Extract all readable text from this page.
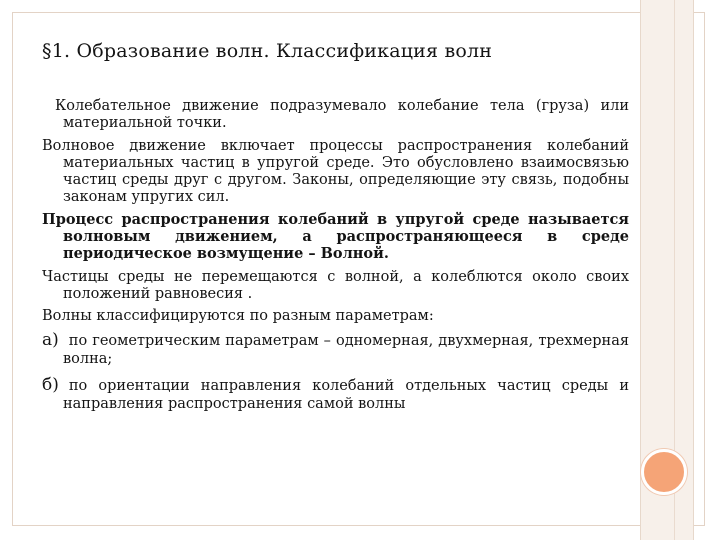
§1. Образование волн. Классификация волн

Колебательное движение подразумевало колебание тела (груза) или материальной точки.

Волновое движение включает процессы распространения колебаний материальных частиц в упругой среде. Это обусловлено взаимосвязью частиц среды друг с другом. Законы, определяющие эту связь, подобны законам упругих сил.

Процесс распространения колебаний в упругой среде называется волновым движением, а распространяющееся в среде периодическое возмущение – Волной.

Частицы среды не перемещаются с волной, а колеблются около своих положений равновесия .

Волны классифицируются по разным параметрам:

а) по геометрическим параметрам – одномерная, двухмерная, трехмерная волна;

б) по ориентации направления колебаний отдельных частиц среды и направления распространения самой волны
